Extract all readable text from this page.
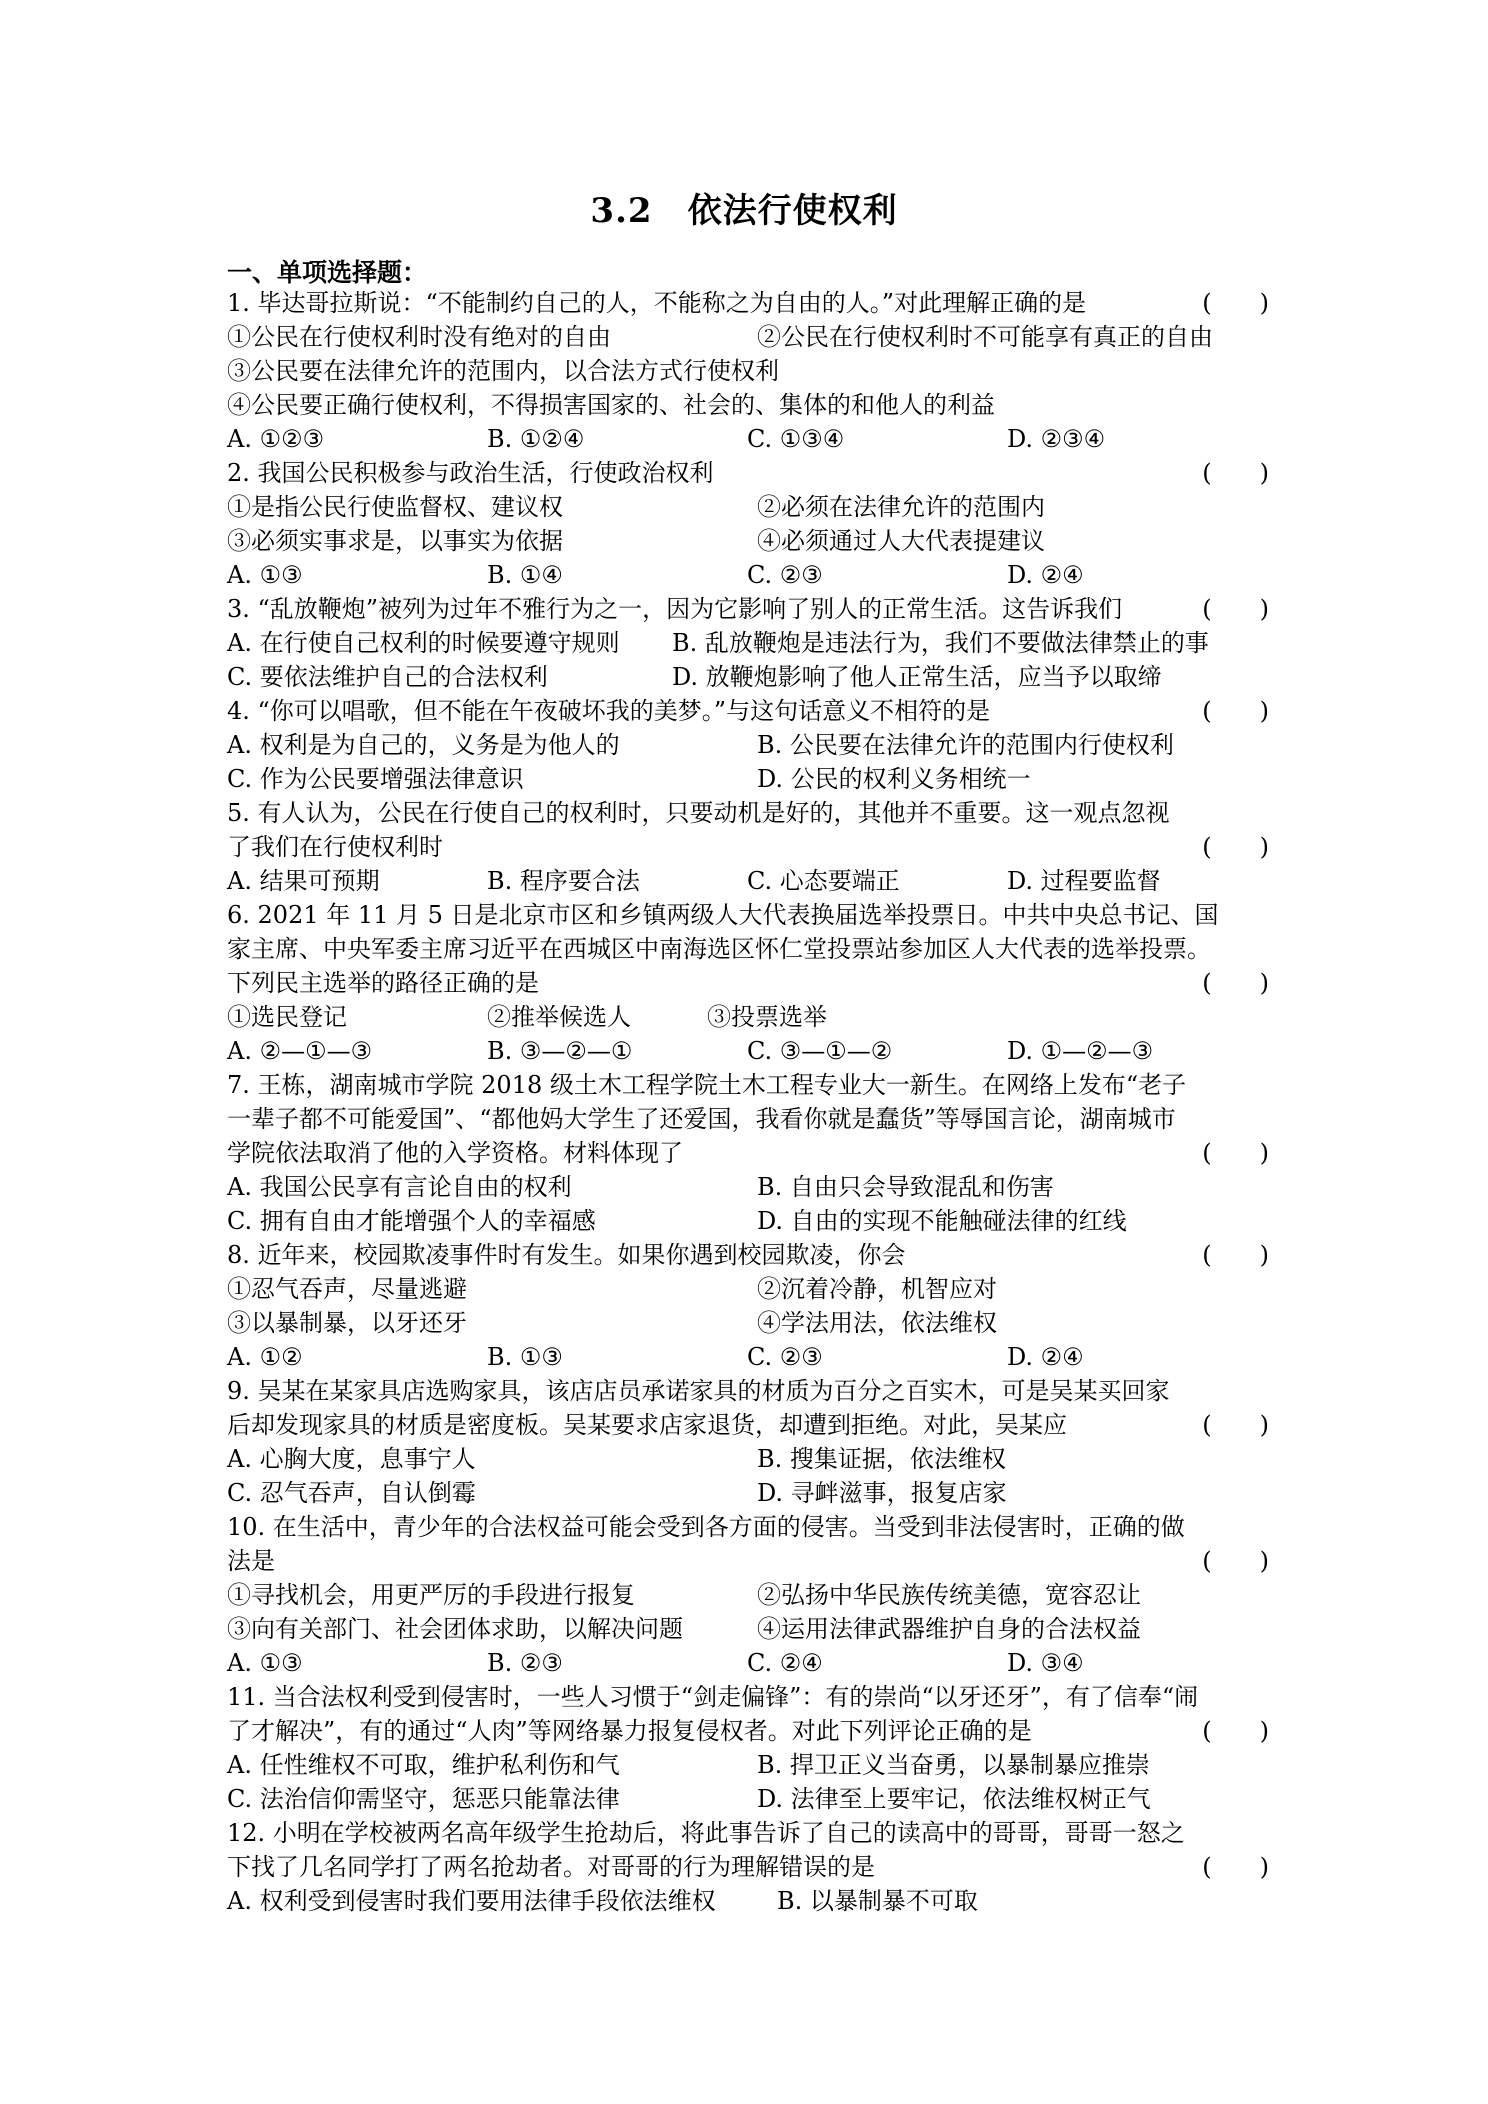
3.2　依法行使权利
一、单项选择题：
1. 毕达哥拉斯说：“不能制约自己的人，不能称之为自由的人。”对此理解正确的是	(　　)
①公民在行使权利时没有绝对的自由	②公民在行使权利时不可能享有真正的自由
③公民要在法律允许的范围内，以合法方式行使权利
④公民要正确行使权利，不得损害国家的、社会的、集体的和他人的利益
A. ①②③	B. ①②④	C. ①③④	D. ②③④
2. 我国公民积极参与政治生活，行使政治权利	(　　)
①是指公民行使监督权、建议权	②必须在法律允许的范围内
③必须实事求是，以事实为依据	④必须通过人大代表提建议
A. ①③	B. ①④	C. ②③	D. ②④
3. “乱放鞭炮”被列为过年不雅行为之一，因为它影响了别人的正常生活。这告诉我们	(　　)
A. 在行使自己权利的时候要遵守规则 B. 乱放鞭炮是违法行为，我们不要做法律禁止的事
C. 要依法维护自己的合法权利	D. 放鞭炮影响了他人正常生活，应当予以取缔
4. “你可以唱歌，但不能在午夜破坏我的美梦。”与这句话意义不相符的是	(　　)
A. 权利是为自己的，义务是为他人的	B. 公民要在法律允许的范围内行使权利
C. 作为公民要增强法律意识	D. 公民的权利义务相统一
5. 有人认为，公民在行使自己的权利时，只要动机是好的，其他并不重要。这一观点忽视
了我们在行使权利时	(　　)
A. 结果可预期	B. 程序要合法	C. 心态要端正	D. 过程要监督
6. 2021 年 11 月 5 日是北京市区和乡镇两级人大代表换届选举投票日。中共中央总书记、国
家主席、中央军委主席习近平在西城区中南海选区怀仁堂投票站参加区人大代表的选举投票。
下列民主选举的路径正确的是	(　　)
①选民登记	②推举候选人	③投票选举
A. ②—①—③	B. ③—②—①	C. ③—①—②	D. ①—②—③
7. 王栋，湖南城市学院 2018 级土木工程学院土木工程专业大一新生。在网络上发布“老子
一辈子都不可能爱国”、“都他妈大学生了还爱国，我看你就是蠢货”等辱国言论，湖南城市
学院依法取消了他的入学资格。材料体现了	(　　)
A. 我国公民享有言论自由的权利	B. 自由只会导致混乱和伤害
C. 拥有自由才能增强个人的幸福感	D. 自由的实现不能触碰法律的红线
8. 近年来，校园欺凌事件时有发生。如果你遇到校园欺凌，你会	(　　)
①忍气吞声，尽量逃避	②沉着冷静，机智应对
③以暴制暴，以牙还牙	④学法用法，依法维权
A. ①②	B. ①③	C. ②③	D. ②④
9. 吴某在某家具店选购家具，该店店员承诺家具的材质为百分之百实木，可是吴某买回家
后却发现家具的材质是密度板。吴某要求店家退货，却遭到拒绝。对此，吴某应	(　　)
A. 心胸大度，息事宁人	B. 搜集证据，依法维权
C. 忍气吞声，自认倒霉	D. 寻衅滋事，报复店家
10. 在生活中，青少年的合法权益可能会受到各方面的侵害。当受到非法侵害时，正确的做
法是	(　　)
①寻找机会，用更严厉的手段进行报复	②弘扬中华民族传统美德，宽容忍让
③向有关部门、社会团体求助，以解决问题	④运用法律武器维护自身的合法权益
A. ①③	B. ②③	C. ②④	D. ③④
11. 当合法权利受到侵害时，一些人习惯于“剑走偏锋”：有的崇尚“以牙还牙”，有了信奉“闹
了才解决”，有的通过“人肉”等网络暴力报复侵权者。对此下列评论正确的是	(　　)
A. 任性维权不可取，维护私利伤和气	B. 捍卫正义当奋勇，以暴制暴应推崇
C. 法治信仰需坚守，惩恶只能靠法律	D. 法律至上要牢记，依法维权树正气
12. 小明在学校被两名高年级学生抢劫后，将此事告诉了自己的读高中的哥哥，哥哥一怒之
下找了几名同学打了两名抢劫者。对哥哥的行为理解错误的是	(　　)
A. 权利受到侵害时我们要用法律手段依法维权	B. 以暴制暴不可取
